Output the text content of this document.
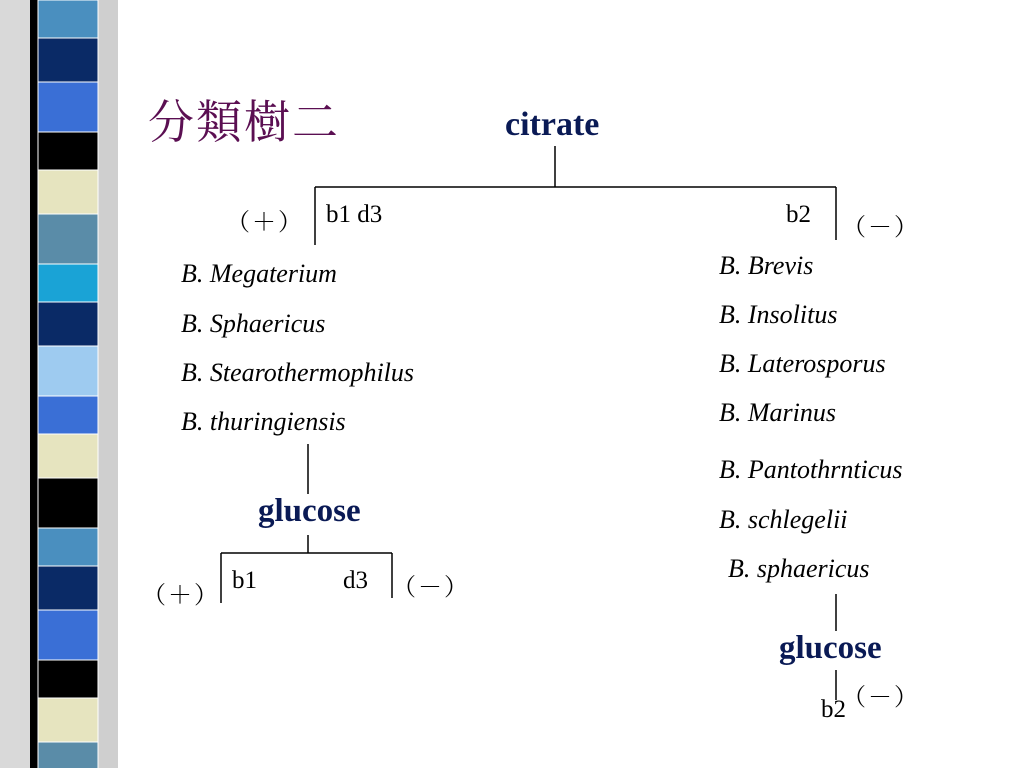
分類樹二	citrate
（＋） b1 d3	b2 （－）
B. Megaterium
B. Sphaericus
B. Stearothermophilus
B. thuringiensis
B. Brevis
B. Insolitus
B. Laterosporus
B. Marinus
B. Pantothrnticus
B. schlegelii
B. sphaericus
glucose
（＋）
b1	d3 （－）
glucose
（－）
b2
